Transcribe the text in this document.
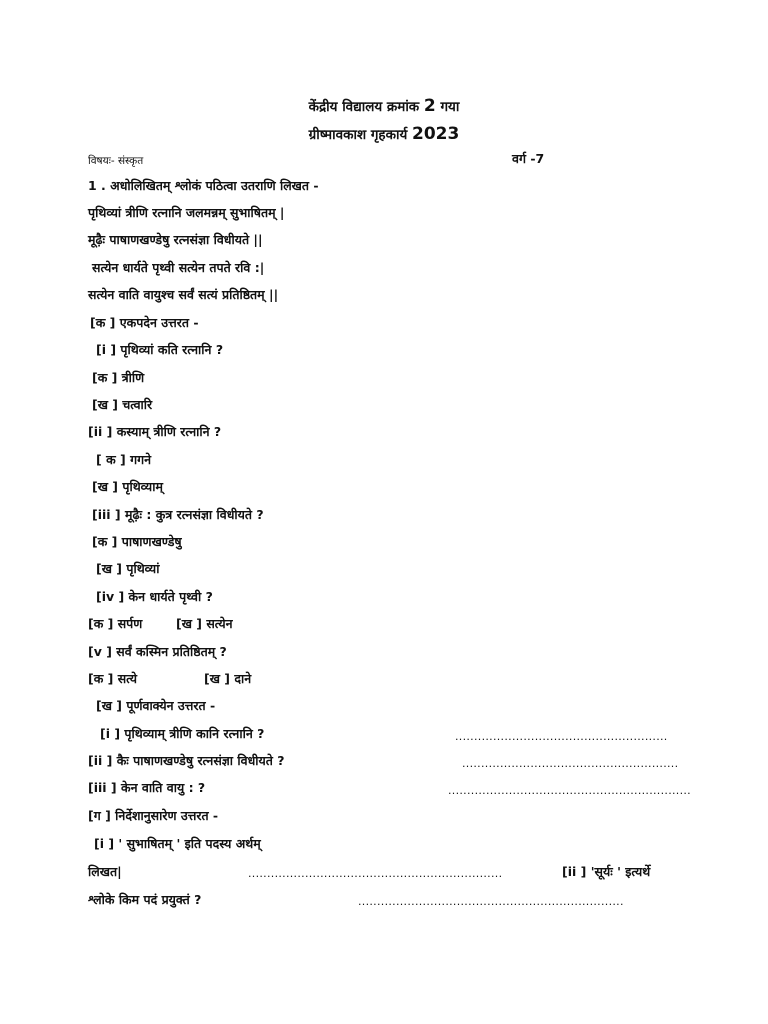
केंद्रीय विद्यालय क्रमांक 2 गया
ग्रीष्मावकाश गृहकार्य 2023
विषयः- संस्कृत	वर्ग -7
1 . अधोलिखितम् श्लोकं पठित्वा उतराणि लिखत -
पृथिव्यां त्रीणि रत्नानि जलमन्नम् सुभाषितम् |
मूढ़ैः पाषाणखण्डेषु रत्नसंज्ञा विधीयते ||
सत्येन धार्यते पृथ्वी सत्येन तपते रवि :|
सत्येन वाति वायुश्च सर्वं सत्यं प्रतिष्ठितम् ||
[क ] एकपदेन उत्तरत -
[i ] पृथिव्यां कति रत्नानि ?
[क ] त्रीणि
[ख ] चत्वारि
[ii ] कस्याम् त्रीणि रत्नानि ?
[ क ] गगने
[ख ] पृथिव्याम्
[iii ] मूढ़ैः : कुत्र रत्नसंज्ञा विधीयते ?
[क ] पाषाणखण्डेषु
[ख ] पृथिव्यां
[iv ] केन धार्यते पृथ्वी ?
[क ] सर्पण	[ख ] सत्येन
[v ] सर्वं कस्मिन प्रतिष्ठितम् ?
[क ] सत्ये	[ख ] दाने
[ख ] पूर्णवाक्येन उत्तरत -
[i ] पृथिव्याम् त्रीणि कानि रत्नानि ?	........................................................
[ii ] कैः पाषाणखण्डेषु रत्नसंज्ञा विधीयते ?	.........................................................
[iii ] केन वाति वायु : ?	................................................................
[ग ] निर्देशानुसारेण उत्तरत -
[i ] ' सुभाषितम् ' इति पदस्य अर्थम्
लिखत|	...................................................................	[ii ] 'सूर्यः ' इत्यर्थे
श्लोके किम पदं प्रयुक्तं ?	......................................................................
